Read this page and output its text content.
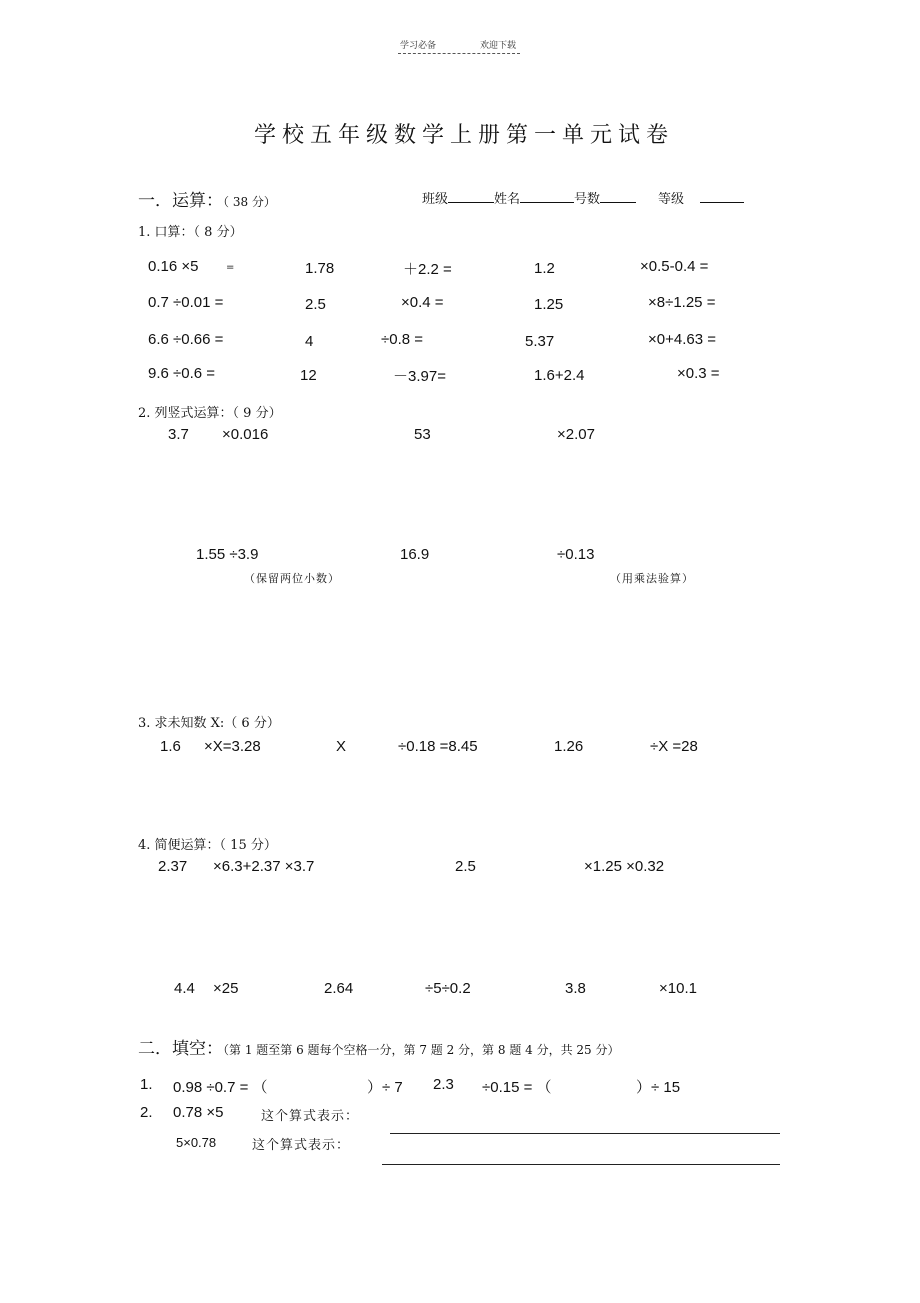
学习必备	欢迎下载
学校五年级数学上册第一单元试卷
一．运算：（ 38 分）	班级	姓名	号数	等级
1. 口算：（ 8 分）
0.16 ×5	=	1.78	＋2.2 =	1.2	×0.5-0.4 =
0.7 ÷0.01 =	2.5	×0.4 =	1.25	×8÷1.25 =
6.6 ÷0.66 =	4	÷0.8 =	5.37	×0+4.63 =
9.6 ÷0.6 =	12	－3.97=	1.6+2.4	×0.3 =
2. 列竖式运算：（ 9 分）
3.7 ×0.016	53	×2.07
1.55 ÷3.9	16.9	÷0.13
（保留两位小数）	（用乘法验算）
3. 求未知数 X:（ 6 分）
1.6 ×X=3.28	X	÷0.18 =8.45	1.26	÷X =28
4. 简便运算：（ 15 分）
2.37 ×6.3+2.37 ×3.7	2.5	×1.25 ×0.32
4.4 ×25	2.64	÷5÷0.2	3.8	×10.1
二．填空：（第 1 题至第 6 题每个空格一分，第 7 题 2 分，第 8 题 4 分，共 25 分）
1. 0.98 ÷0.7 = （	）÷ 7 2.3 ÷0.15 = （	）÷ 15
2. 0.78 ×5	这个算式表示：
5×0.78	这个算式表示：
